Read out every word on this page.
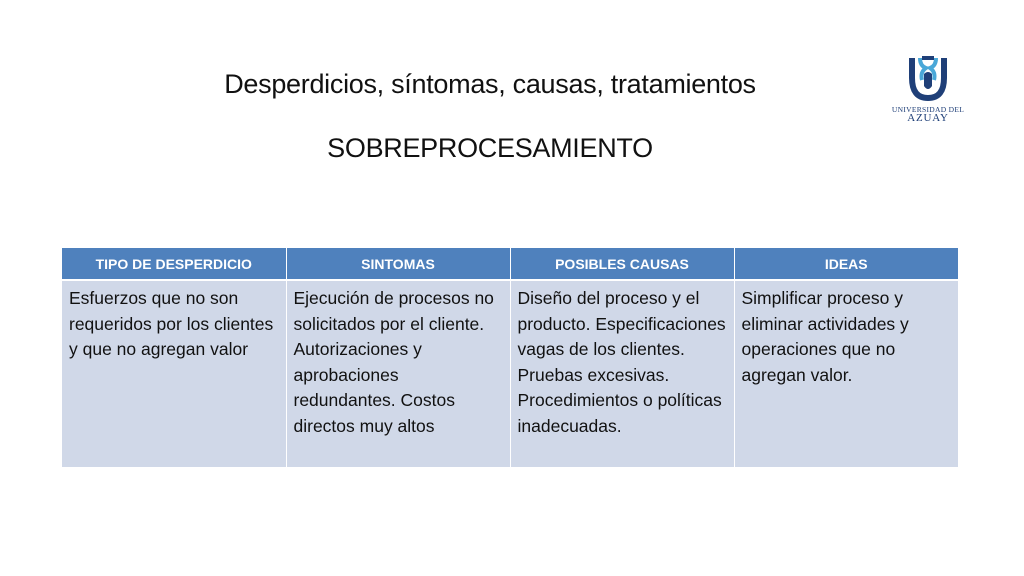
Desperdicios, síntomas, causas, tratamientos
SOBREPROCESAMIENTO
UNIVERSIDAD DEL
AZUAY
TIPO DE DESPERDICIO	SINTOMAS	POSIBLES CAUSAS	IDEAS
Esfuerzos que no son requeridos por los clientes y que no agregan valor	Ejecución de procesos no solicitados por el cliente. Autorizaciones y aprobaciones redundantes. Costos directos muy altos	Diseño del proceso y el producto. Especificaciones vagas de los clientes. Pruebas excesivas. Procedimientos o políticas inadecuadas.	Simplificar proceso y eliminar actividades y operaciones que no agregan valor.
